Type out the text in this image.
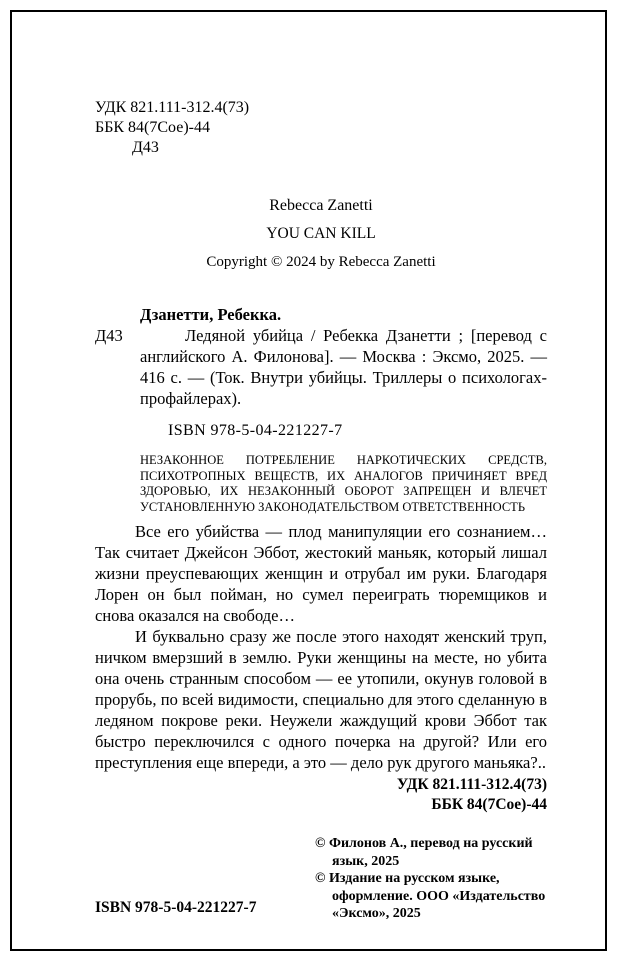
УДК 821.111-312.4(73)
ББК 84(7Сое)-44
Д43
Rebecca Zanetti
YOU CAN KILL
Copyright © 2024 by Rebecca Zanetti
Дзанетти, Ребекка.
Д43	Ледяной убийца / Ребекка Дзанетти ; [перевод с английского А. Филонова]. — Москва : Эксмо, 2025. — 416 с. — (Ток. Внутри убийцы. Триллеры о психологах-профайлерах).
ISBN 978-5-04-221227-7
НЕЗАКОННОЕ ПОТРЕБЛЕНИЕ НАРКОТИЧЕСКИХ СРЕДСТВ, ПСИХОТРОПНЫХ ВЕЩЕСТВ, ИХ АНАЛОГОВ ПРИЧИНЯЕТ ВРЕД ЗДОРОВЬЮ, ИХ НЕЗАКОННЫЙ ОБОРОТ ЗАПРЕЩЕН И ВЛЕЧЕТ УСТАНОВЛЕННУЮ ЗАКОНОДАТЕЛЬСТВОМ ОТВЕТСТВЕННОСТЬ

Все его убийства — плод манипуляции его сознанием… Так считает Джейсон Эббот, жестокий маньяк, который лишал жизни преуспевающих женщин и отрубал им руки. Благодаря Лорен он был пойман, но сумел переиграть тюремщиков и снова оказался на свободе…

И буквально сразу же после этого находят женский труп, ничком вмерзший в землю. Руки женщины на месте, но убита она очень странным способом — ее утопили, окунув головой в прорубь, по всей видимости, специально для этого сделанную в ледяном покрове реки. Неужели жаждущий крови Эббот так быстро переключился с одного почерка на другой? Или его преступления еще впереди, а это — дело рук другого маньяка?..

УДК 821.111-312.4(73)
ББК 84(7Сое)-44
ISBN 978-5-04-221227-7
© Филонов А., перевод на русский язык, 2025
© Издание на русском языке, оформление. ООО «Издательство «Эксмо», 2025
